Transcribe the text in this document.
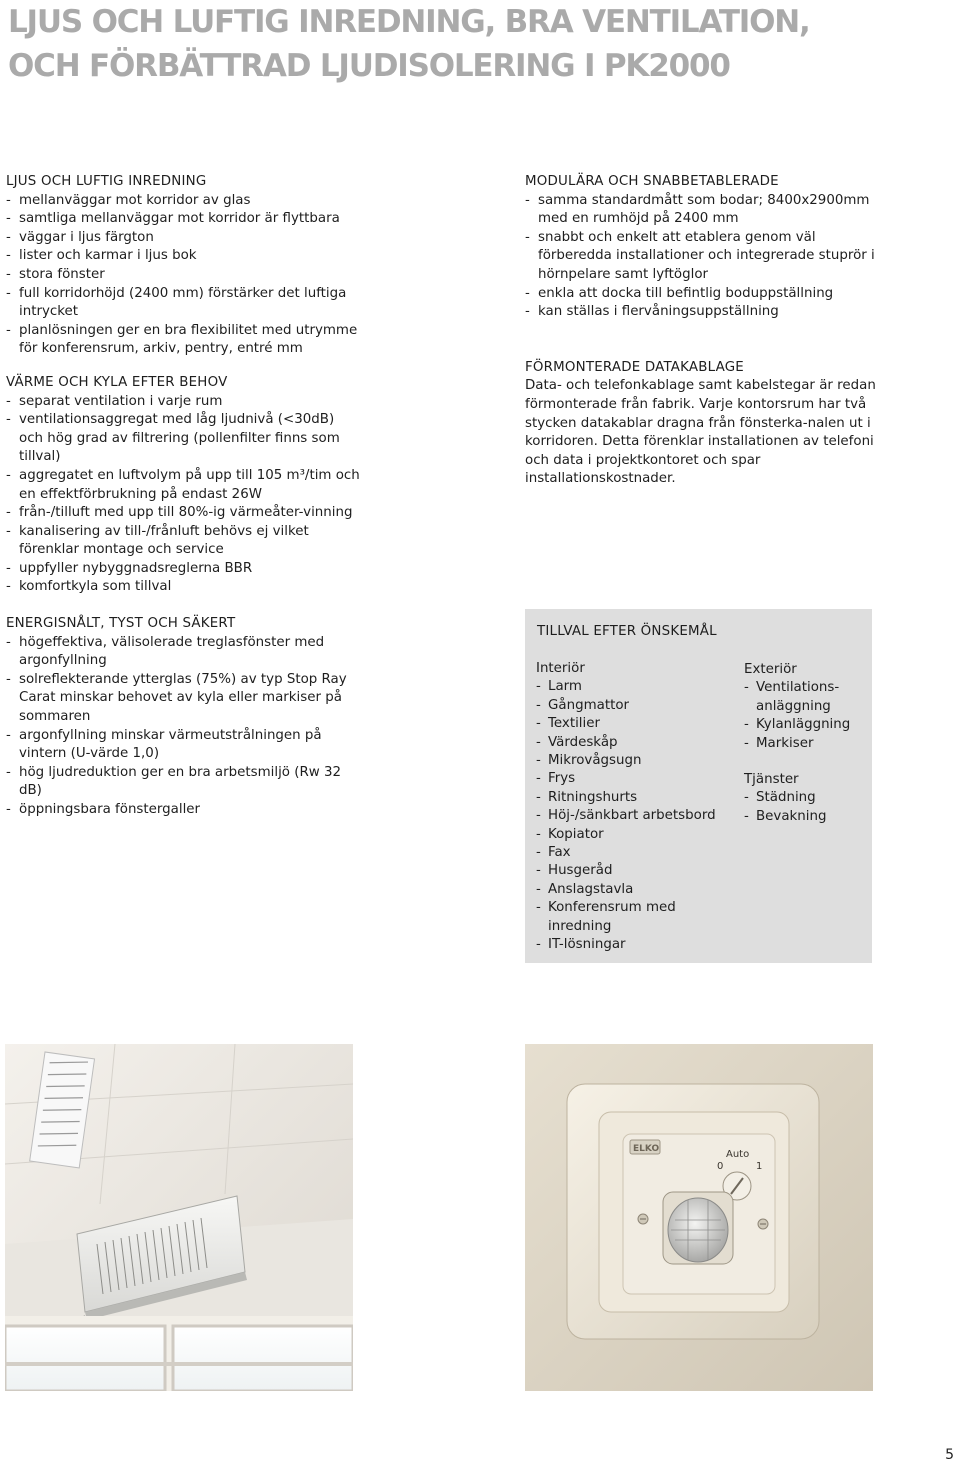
LJUS OCH LUFTIG INREDNING, BRA VENTILATION,
OCH FÖRBÄTTRAD LJUDISOLERING I PK2000
LJUS OCH LUFTIG INREDNING
- mellanväggar mot korridor av glas
- samtliga mellanväggar mot korridor är flyttbara
- väggar i ljus färgton
- lister och karmar i ljus bok
- stora fönster
- full korridorhöjd (2400 mm) förstärker det luftiga intrycket
- planlösningen ger en bra flexibilitet med utrymme för konferensrum, arkiv, pentry, entré mm
VÄRME OCH KYLA EFTER BEHOV
- separat ventilation i varje rum
- ventilationsaggregat med låg ljudnivå (<30dB) och hög grad av filtrering (pollenfilter finns som tillval)
- aggregatet en luftvolym på upp till 105 m³/tim och en effektförbrukning på endast 26W
- från-/tilluft med upp till 80%-ig värmeåter-vinning
- kanalisering av till-/frånluft behövs ej vilket förenklar montage och service
- uppfyller nybyggnadsreglerna BBR
- komfortkyla som tillval
ENERGISNÅLT, TYST OCH SÄKERT
- högeffektiva, välisolerade treglasfönster med argonfyllning
- solreflekterande ytterglas (75%) av typ Stop Ray Carat minskar behovet av kyla eller markiser på sommaren
- argonfyllning minskar värmeutstrålningen på vintern (U-värde 1,0)
- hög ljudreduktion ger en bra arbetsmiljö (Rw 32 dB)
- öppningsbara fönstergaller
MODULÄRA OCH SNABBETABLERADE
- samma standardmått som bodar; 8400x2900mm med en rumhöjd på 2400 mm
- snabbt och enkelt att etablera genom väl förberedda installationer och integrerade stuprör i hörnpelare samt lyftöglor
- enkla att docka till befintlig boduppställning
- kan ställas i flervåningsuppställning
FÖRMONTERADE DATAKABLAGE

Data- och telefonkablage samt kabelstegar är redan förmonterade från fabrik. Varje kontorsrum har två stycken datakablar dragna från fönsterka-nalen ut i korridoren. Detta förenklar installationen av telefoni och data i projektkontoret och spar installationskostnader.

TILLVAL EFTER ÖNSKEMÅL
Interiör
- Larm
- Gångmattor
- Textilier
- Värdeskåp
- Mikrovågsugn
- Frys
- Ritningshurts
- Höj-/sänkbart arbetsbord
- Kopiator
- Fax
- Husgeråd
- Anslagstavla
- Konferensrum med inredning
- IT-lösningar
Exteriör
- Ventilations-anläggning
- Kylanläggning
- Markiser
Tjänster
- Städning
- Bevakning
ELKO	Auto
0	1
5
